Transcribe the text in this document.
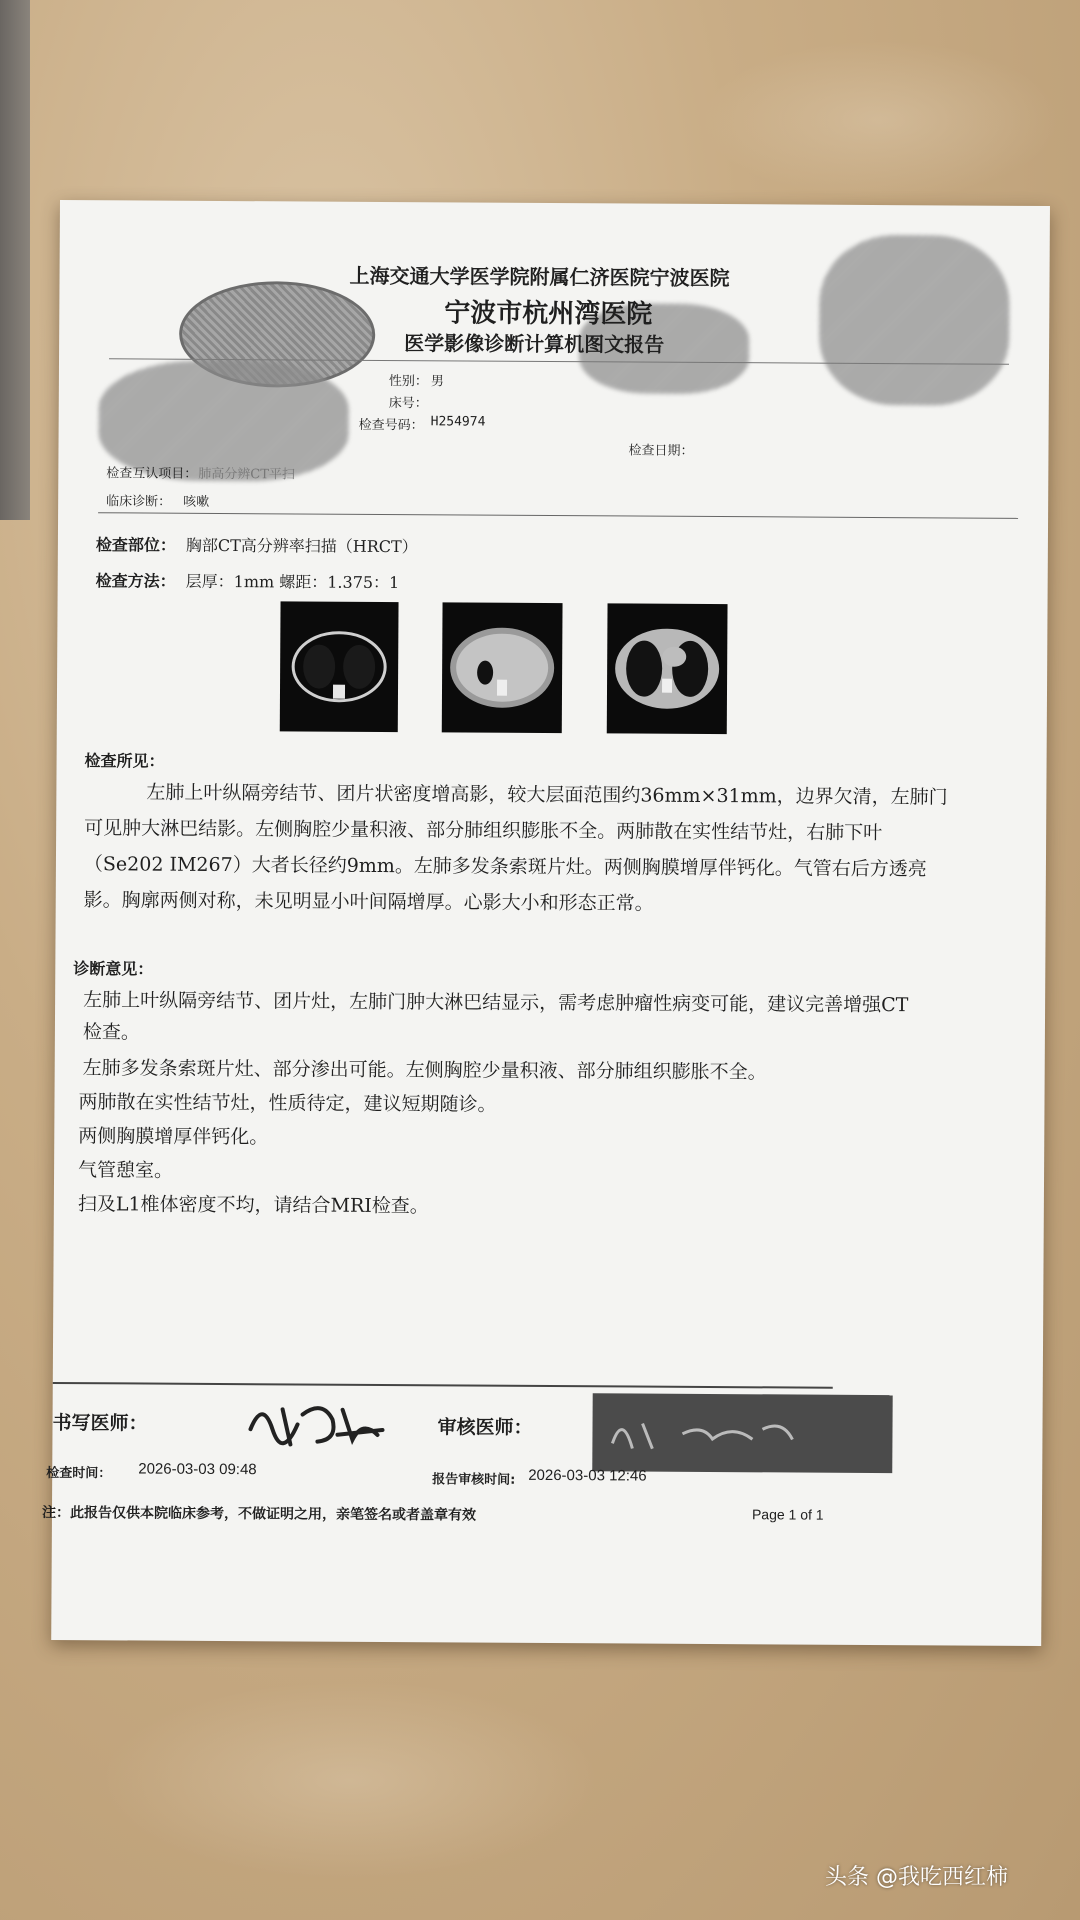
上海交通大学医学院附属仁济医院宁波医院
宁波市杭州湾医院
医学影像诊断计算机图文报告
性别： 男
床号：
检查号码： H254974
检查日期：
检查互认项目： 肺高分辨CT平扫
临床诊断： 咳嗽
检查部位： 胸部CT高分辨率扫描（HRCT）
检查方法： 层厚：1mm 螺距：1.375：1
检查所见：
左肺上叶纵隔旁结节、团片状密度增高影，较大层面范围约36mm×31mm，边界欠清，左肺门
可见肿大淋巴结影。左侧胸腔少量积液、部分肺组织膨胀不全。两肺散在实性结节灶，右肺下叶
（Se202 IM267）大者长径约9mm。左肺多发条索斑片灶。两侧胸膜增厚伴钙化。气管右后方透亮
影。胸廓两侧对称，未见明显小叶间隔增厚。心影大小和形态正常。
诊断意见：
左肺上叶纵隔旁结节、团片灶，左肺门肿大淋巴结显示，需考虑肿瘤性病变可能，建议完善增强CT
检查。
左肺多发条索斑片灶、部分渗出可能。左侧胸腔少量积液、部分肺组织膨胀不全。
两肺散在实性结节灶，性质待定，建议短期随诊。
两侧胸膜增厚伴钙化。
气管憩室。
扫及L1椎体密度不均，请结合MRI检查。
书写医师：	审核医师：
检查时间： 2026-03-03 09:48
报告审核时间: 2026-03-03 12:46
注：此报告仅供本院临床参考，不做证明之用，亲笔签名或者盖章有效	Page 1 of 1
头条 @我吃西红柿
